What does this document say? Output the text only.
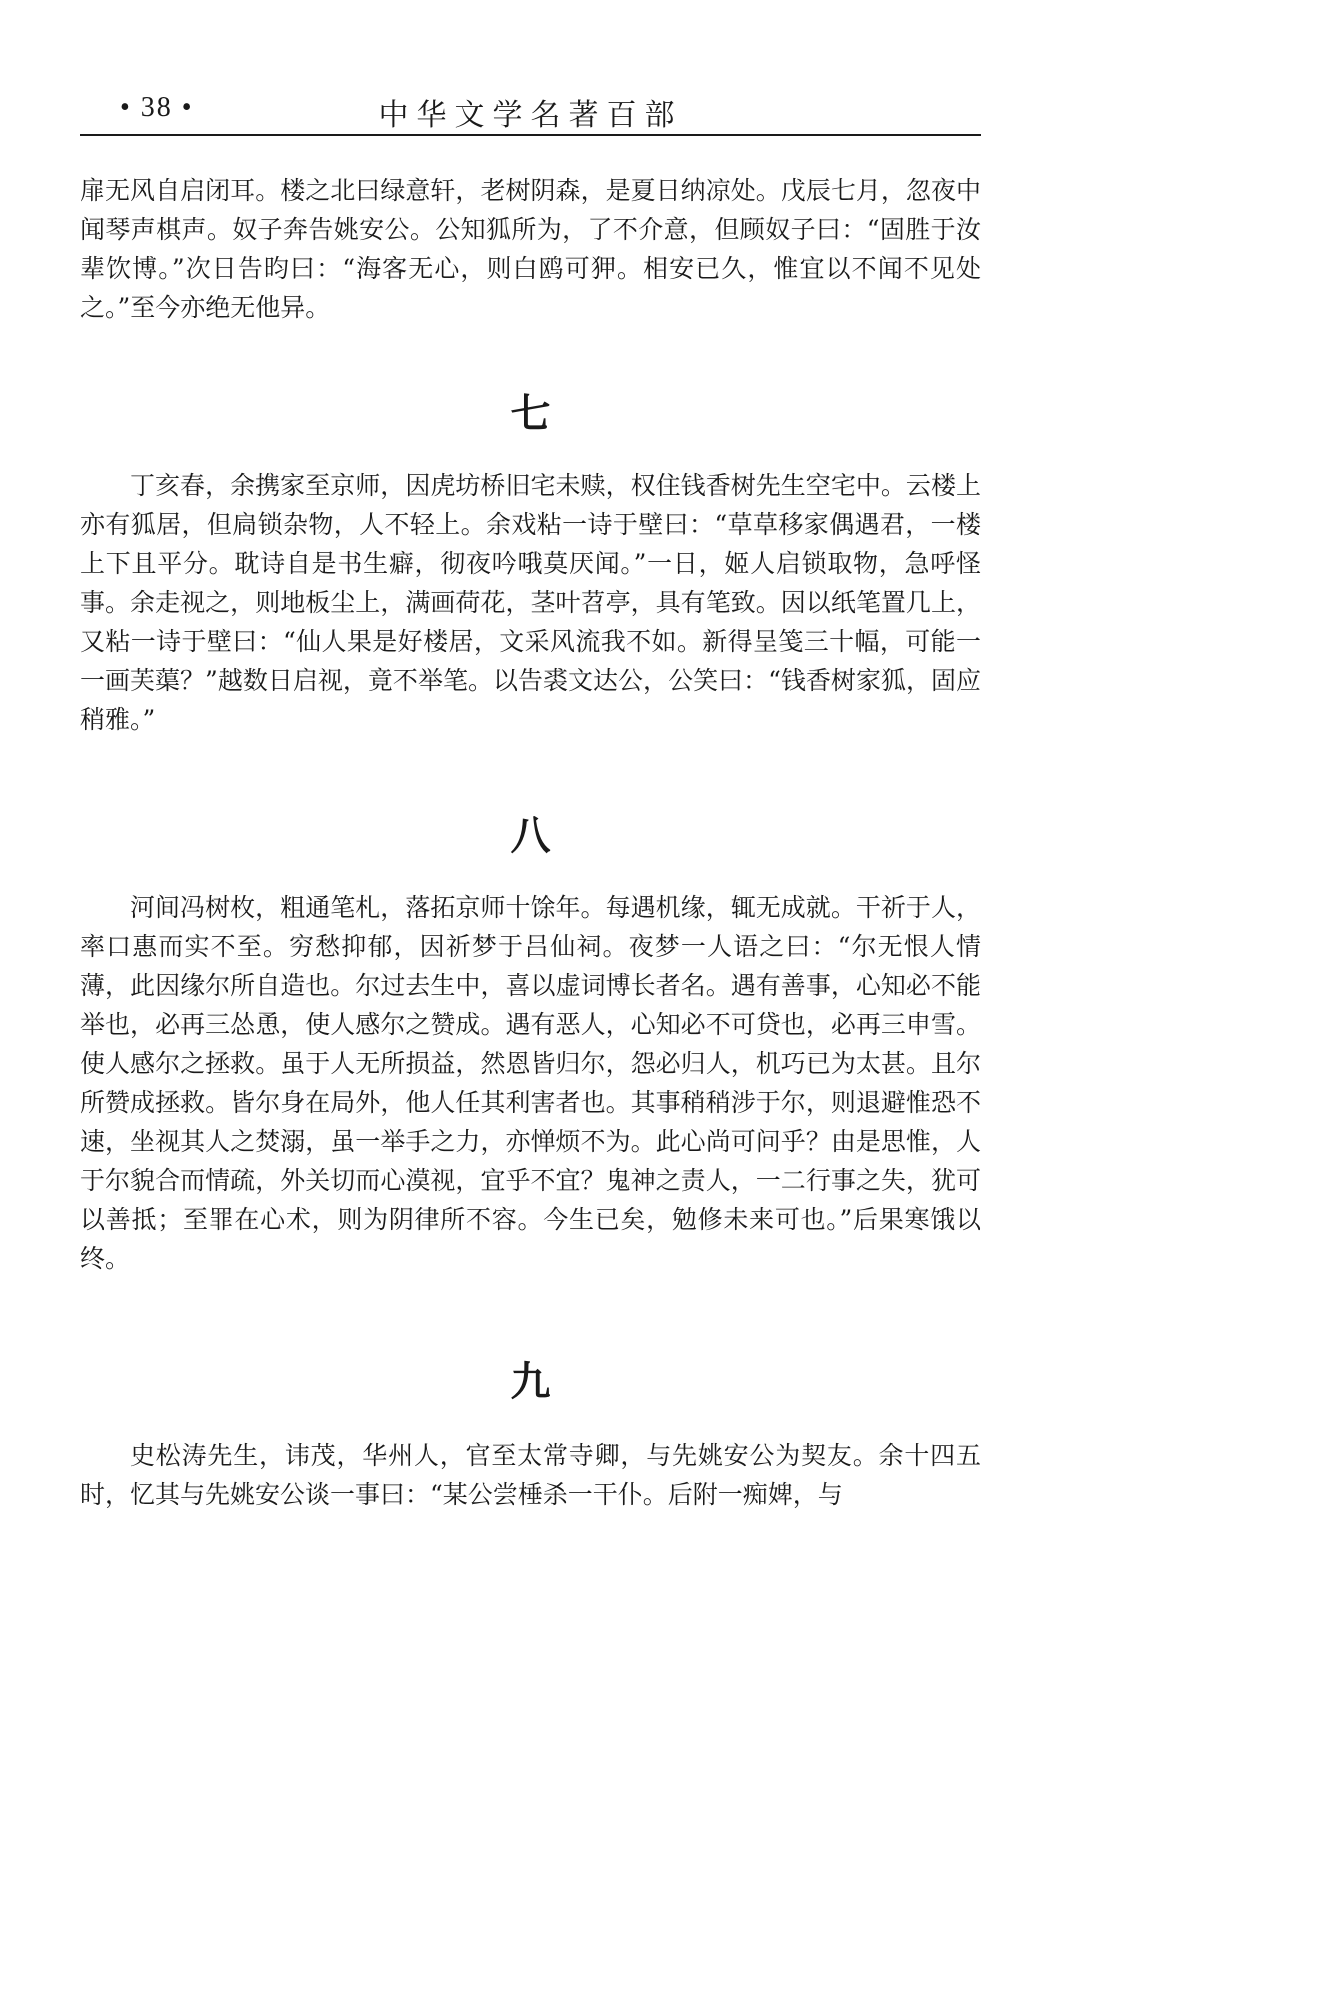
• 38 •	中华文学名著百部

扉无风自启闭耳。楼之北曰绿意轩，老树阴森，是夏日纳凉处。戊辰七月，忽夜中闻琴声棋声。奴子奔告姚安公。公知狐所为，了不介意，但顾奴子曰：“固胜于汝辈饮博。”次日告昀曰：“海客无心，则白鸥可狎。相安已久，惟宜以不闻不见处之。”至今亦绝无他异。

七

丁亥春，余携家至京师，因虎坊桥旧宅未赎，权住钱香树先生空宅中。云楼上亦有狐居，但扃锁杂物，人不轻上。余戏粘一诗于壁曰：“草草移家偶遇君，一楼上下且平分。耽诗自是书生癖，彻夜吟哦莫厌闻。”一日，姬人启锁取物，急呼怪事。余走视之，则地板尘上，满画荷花，茎叶苕亭，具有笔致。因以纸笔置几上，又粘一诗于壁曰：“仙人果是好楼居，文采风流我不如。新得呈笺三十幅，可能一一画芙蕖？”越数日启视，竟不举笔。以告裘文达公，公笑曰：“钱香树家狐，固应稍雅。”

八

河间冯树枚，粗通笔札，落拓京师十馀年。每遇机缘，辄无成就。干祈于人，率口惠而实不至。穷愁抑郁，因祈梦于吕仙祠。夜梦一人语之曰：“尔无恨人情薄，此因缘尔所自造也。尔过去生中，喜以虚词博长者名。遇有善事，心知必不能举也，必再三怂恿，使人感尔之赞成。遇有恶人，心知必不可贷也，必再三申雪。使人感尔之拯救。虽于人无所损益，然恩皆归尔，怨必归人，机巧已为太甚。且尔所赞成拯救。皆尔身在局外，他人任其利害者也。其事稍稍涉于尔，则退避惟恐不速，坐视其人之焚溺，虽一举手之力，亦惮烦不为。此心尚可问乎？由是思惟，人于尔貌合而情疏，外关切而心漠视，宜乎不宜？鬼神之责人，一二行事之失，犹可以善抵；至罪在心术，则为阴律所不容。今生已矣，勉修未来可也。”后果寒饿以终。

九

史松涛先生，讳茂，华州人，官至太常寺卿，与先姚安公为契友。余十四五时，忆其与先姚安公谈一事曰：“某公尝棰杀一干仆。后附一痴婢，与
